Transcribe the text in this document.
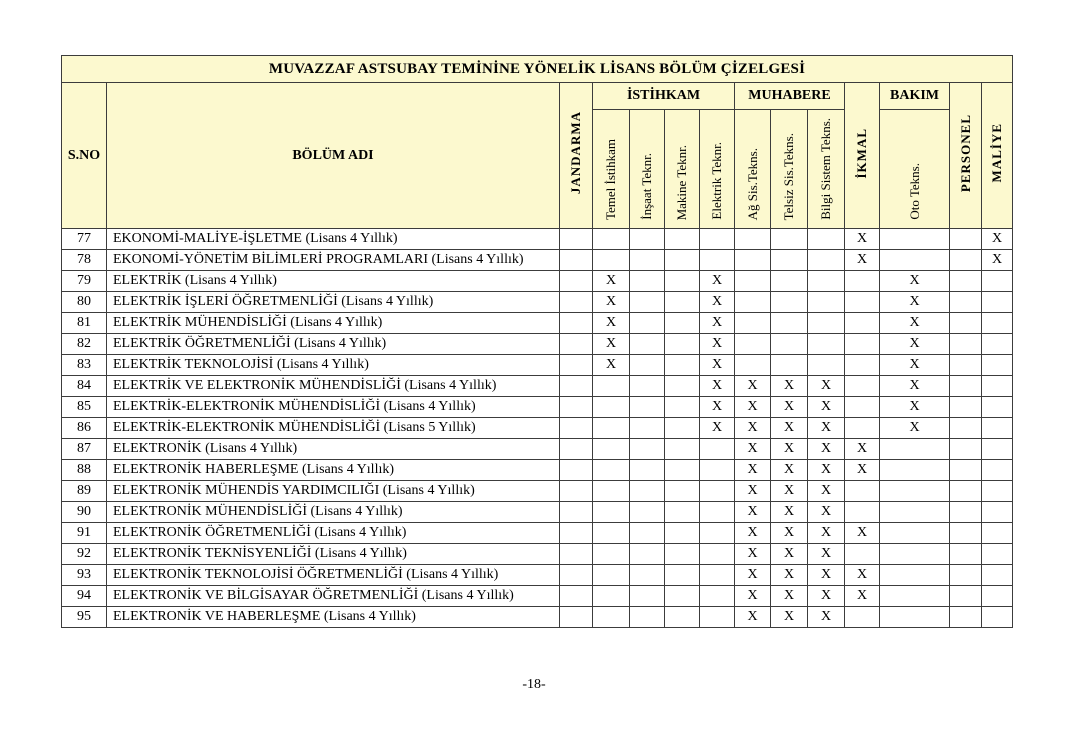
MUVAZZAF ASTSUBAY TEMİNİNE YÖNELİK LİSANS BÖLÜM ÇİZELGESİ													
S.NO	BÖLÜM ADI	JANDARMA	İSTİHKAM				MUHABERE			İKMAL	BAKIM	PERSONEL	MALİYE
			Temel İstihkam	İnşaat Teknr.	Makine Teknr.	Elektrik Teknr.	Ağ Sis.Tekns.	Telsiz Sis.Tekns.	Bilgi Sistem Tekns.		Oto Tekns.		
77	EKONOMİ-MALİYE-İŞLETME (Lisans 4 Yıllık)									X			X
78	EKONOMİ-YÖNETİM BİLİMLERİ PROGRAMLARI (Lisans 4 Yıllık)									X			X
79	ELEKTRİK (Lisans 4 Yıllık)		X			X					X		
80	ELEKTRİK İŞLERİ ÖĞRETMENLİĞİ (Lisans 4 Yıllık)		X			X					X		
81	ELEKTRİK MÜHENDİSLİĞİ (Lisans 4 Yıllık)		X			X					X		
82	ELEKTRİK ÖĞRETMENLİĞİ (Lisans 4 Yıllık)		X			X					X		
83	ELEKTRİK TEKNOLOJİSİ (Lisans 4 Yıllık)		X			X					X		
84	ELEKTRİK VE ELEKTRONİK MÜHENDİSLİĞİ (Lisans 4 Yıllık)					X	X	X	X		X		
85	ELEKTRİK-ELEKTRONİK MÜHENDİSLİĞİ (Lisans 4 Yıllık)					X	X	X	X		X		
86	ELEKTRİK-ELEKTRONİK MÜHENDİSLİĞİ (Lisans 5 Yıllık)					X	X	X	X		X		
87	ELEKTRONİK (Lisans 4 Yıllık)						X	X	X	X			
88	ELEKTRONİK HABERLEŞME (Lisans 4 Yıllık)						X	X	X	X			
89	ELEKTRONİK MÜHENDİS YARDIMCILIĞI (Lisans 4 Yıllık)						X	X	X				
90	ELEKTRONİK MÜHENDİSLİĞİ (Lisans 4 Yıllık)						X	X	X				
91	ELEKTRONİK ÖĞRETMENLİĞİ (Lisans 4 Yıllık)						X	X	X	X			
92	ELEKTRONİK TEKNİSYENLİĞİ (Lisans 4 Yıllık)						X	X	X				
93	ELEKTRONİK TEKNOLOJİSİ ÖĞRETMENLİĞİ (Lisans 4 Yıllık)						X	X	X	X			
94	ELEKTRONİK VE BİLGİSAYAR ÖĞRETMENLİĞİ (Lisans 4 Yıllık)						X	X	X	X			
95	ELEKTRONİK VE HABERLEŞME (Lisans 4 Yıllık)						X	X	X				
-18-
